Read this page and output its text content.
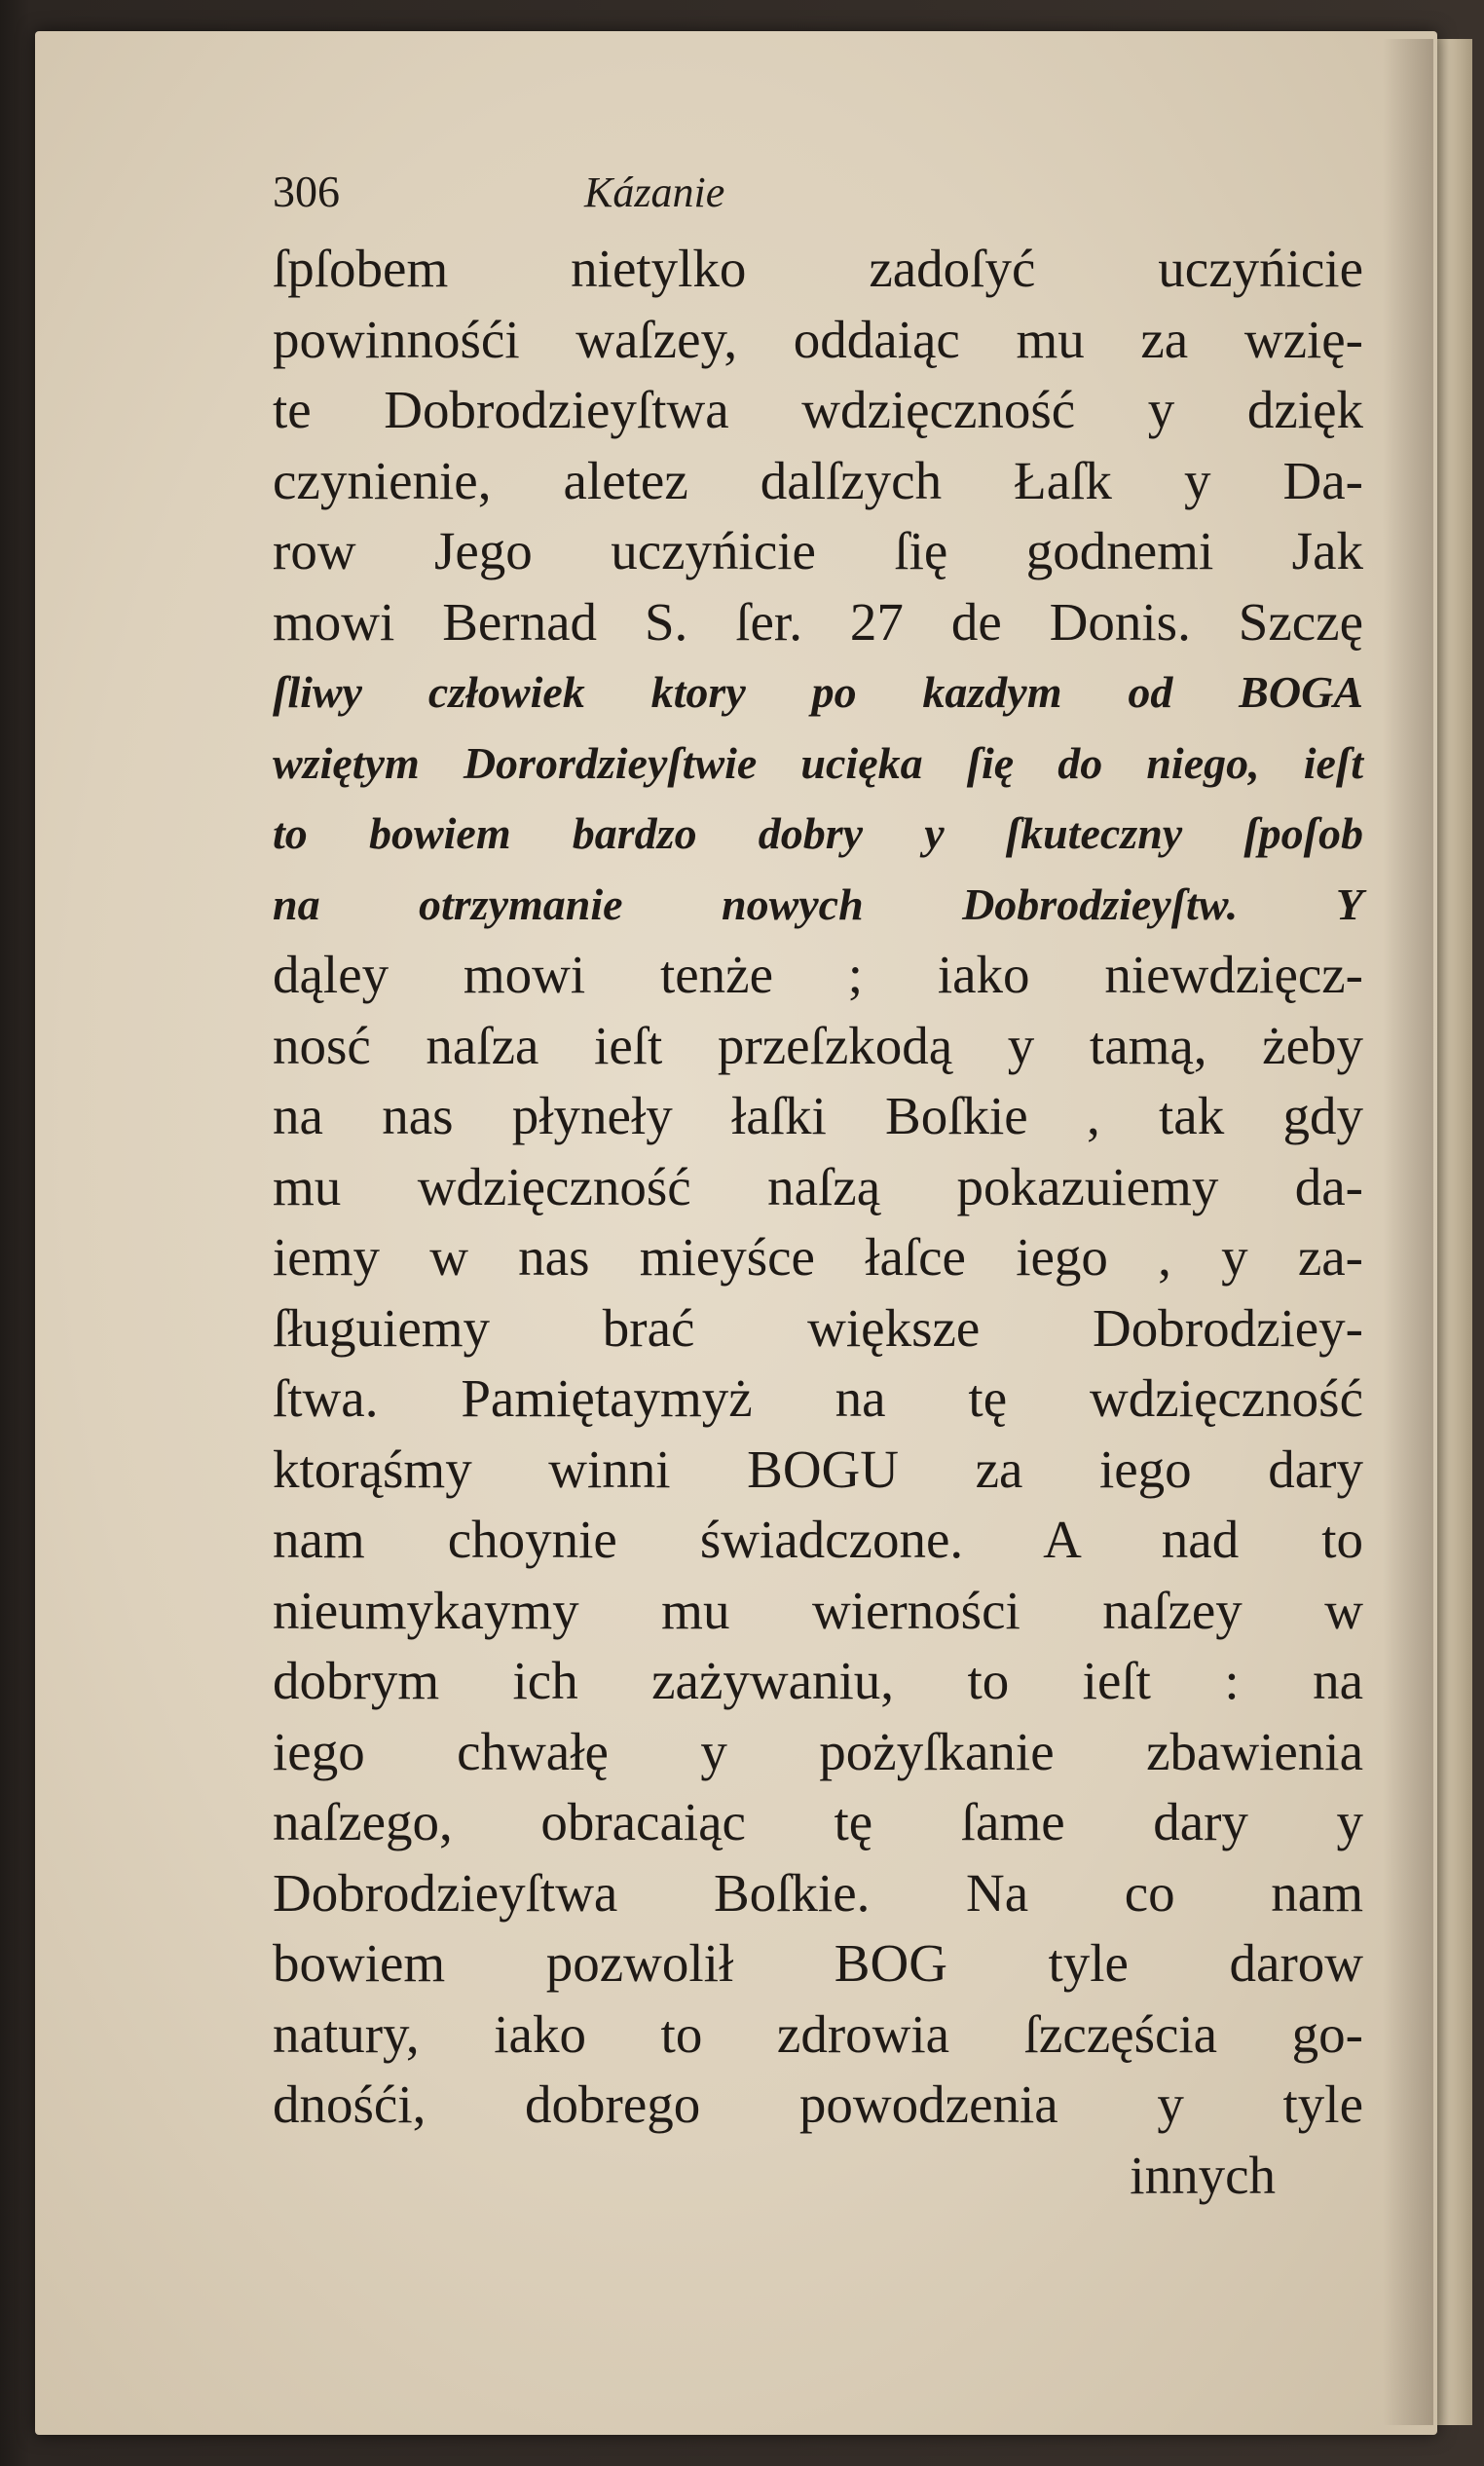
306	Kázanie
ſpſobem nietylko zadoſyć uczyńicie
powinnośći waſzey, oddaiąc mu za wzię-
te Dobrodzieyſtwa wdzięczność y dzięk
czynienie, aletez dalſzych Łaſk y Da-
row Jego uczyńicie ſię godnemi Jak
mowi Bernad S. ſer. 27 de Donis. Szczę
ſliwy człowiek ktory po kazdym od BOGA
wziętym Dorordzieyſtwie ucięka ſię do niego, ieſt
to bowiem bardzo dobry y ſkuteczny ſpoſob
na otrzymanie nowych Dobrodzieyſtw. Y
dąley mowi tenże ; iako niewdzięcz-
nosć naſza ieſt przeſzkodą y tamą, żeby
na nas płyneły łaſki Boſkie , tak gdy
mu wdzięczność naſzą pokazuiemy da-
iemy w nas mieyśce łaſce iego , y za-
ſługuiemy brać większe Dobrodziey-
ſtwa. Pamiętaymyż na tę wdzięczność
ktorąśmy winni BOGU za iego dary
nam choynie świadczone. A nad to
nieumykaymy mu wierności naſzey w
dobrym ich zażywaniu, to ieſt : na
iego chwałę y pożyſkanie zbawienia
naſzego, obracaiąc tę ſame dary y
Dobrodzieyſtwa Boſkie. Na co nam
bowiem pozwolił BOG tyle darow
natury, iako to zdrowia ſzczęścia go-
dnośći, dobrego powodzenia y tyle
innych
